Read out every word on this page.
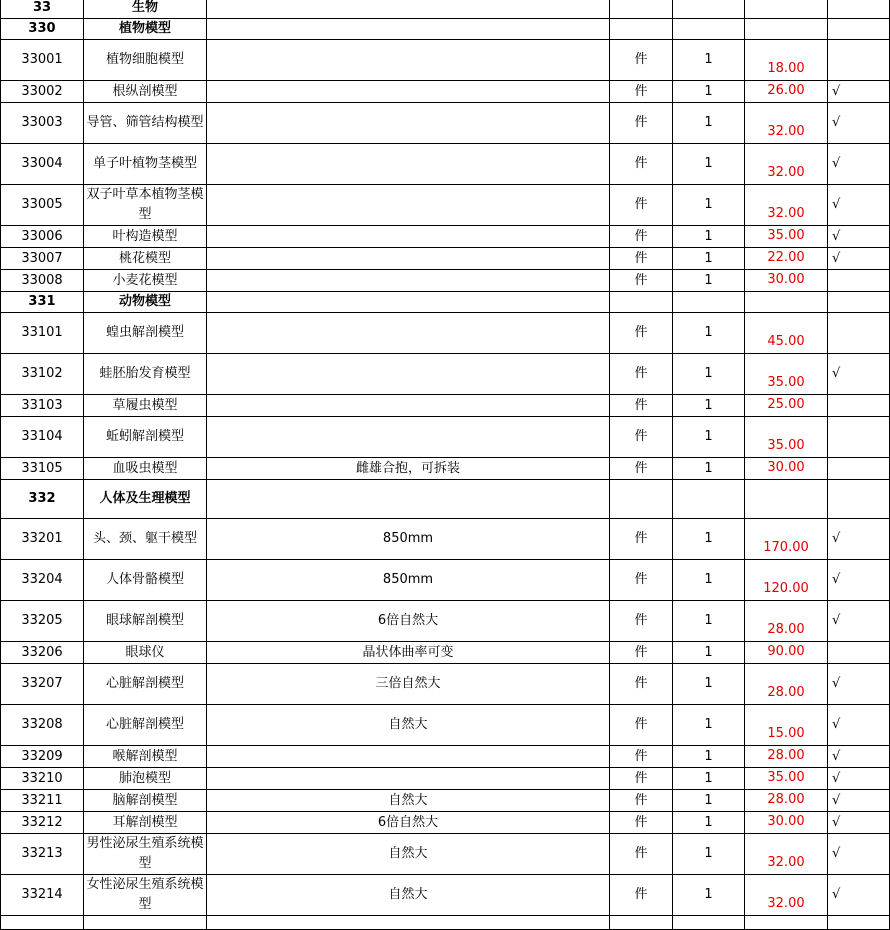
33	生物					
330	植物模型					
33001	植物细胞模型		件	1	18.00	
33002	根纵剖模型		件	1	26.00	√
33003	导管、筛管结构模型		件	1	32.00	√
33004	单子叶植物茎模型		件	1	32.00	√
33005	双子叶草本植物茎模型		件	1	32.00	√
33006	叶构造模型		件	1	35.00	√
33007	桃花模型		件	1	22.00	√
33008	小麦花模型		件	1	30.00	
331	动物模型					
33101	蝗虫解剖模型		件	1	45.00	
33102	蛙胚胎发育模型		件	1	35.00	√
33103	草履虫模型		件	1	25.00	
33104	蚯蚓解剖模型		件	1	35.00	
33105	血吸虫模型	雌雄合抱，可拆装	件	1	30.00	
332	人体及生理模型					
33201	头、颈、躯干模型	850mm	件	1	170.00	√
33204	人体骨骼模型	850mm	件	1	120.00	√
33205	眼球解剖模型	6倍自然大	件	1	28.00	√
33206	眼球仪	晶状体曲率可变	件	1	90.00	
33207	心脏解剖模型	三倍自然大	件	1	28.00	√
33208	心脏解剖模型	自然大	件	1	15.00	√
33209	喉解剖模型		件	1	28.00	√
33210	肺泡模型		件	1	35.00	√
33211	脑解剖模型	自然大	件	1	28.00	√
33212	耳解剖模型	6倍自然大	件	1	30.00	√
33213	男性泌尿生殖系统模型	自然大	件	1	32.00	√
33214	女性泌尿生殖系统模型	自然大	件	1	32.00	√
